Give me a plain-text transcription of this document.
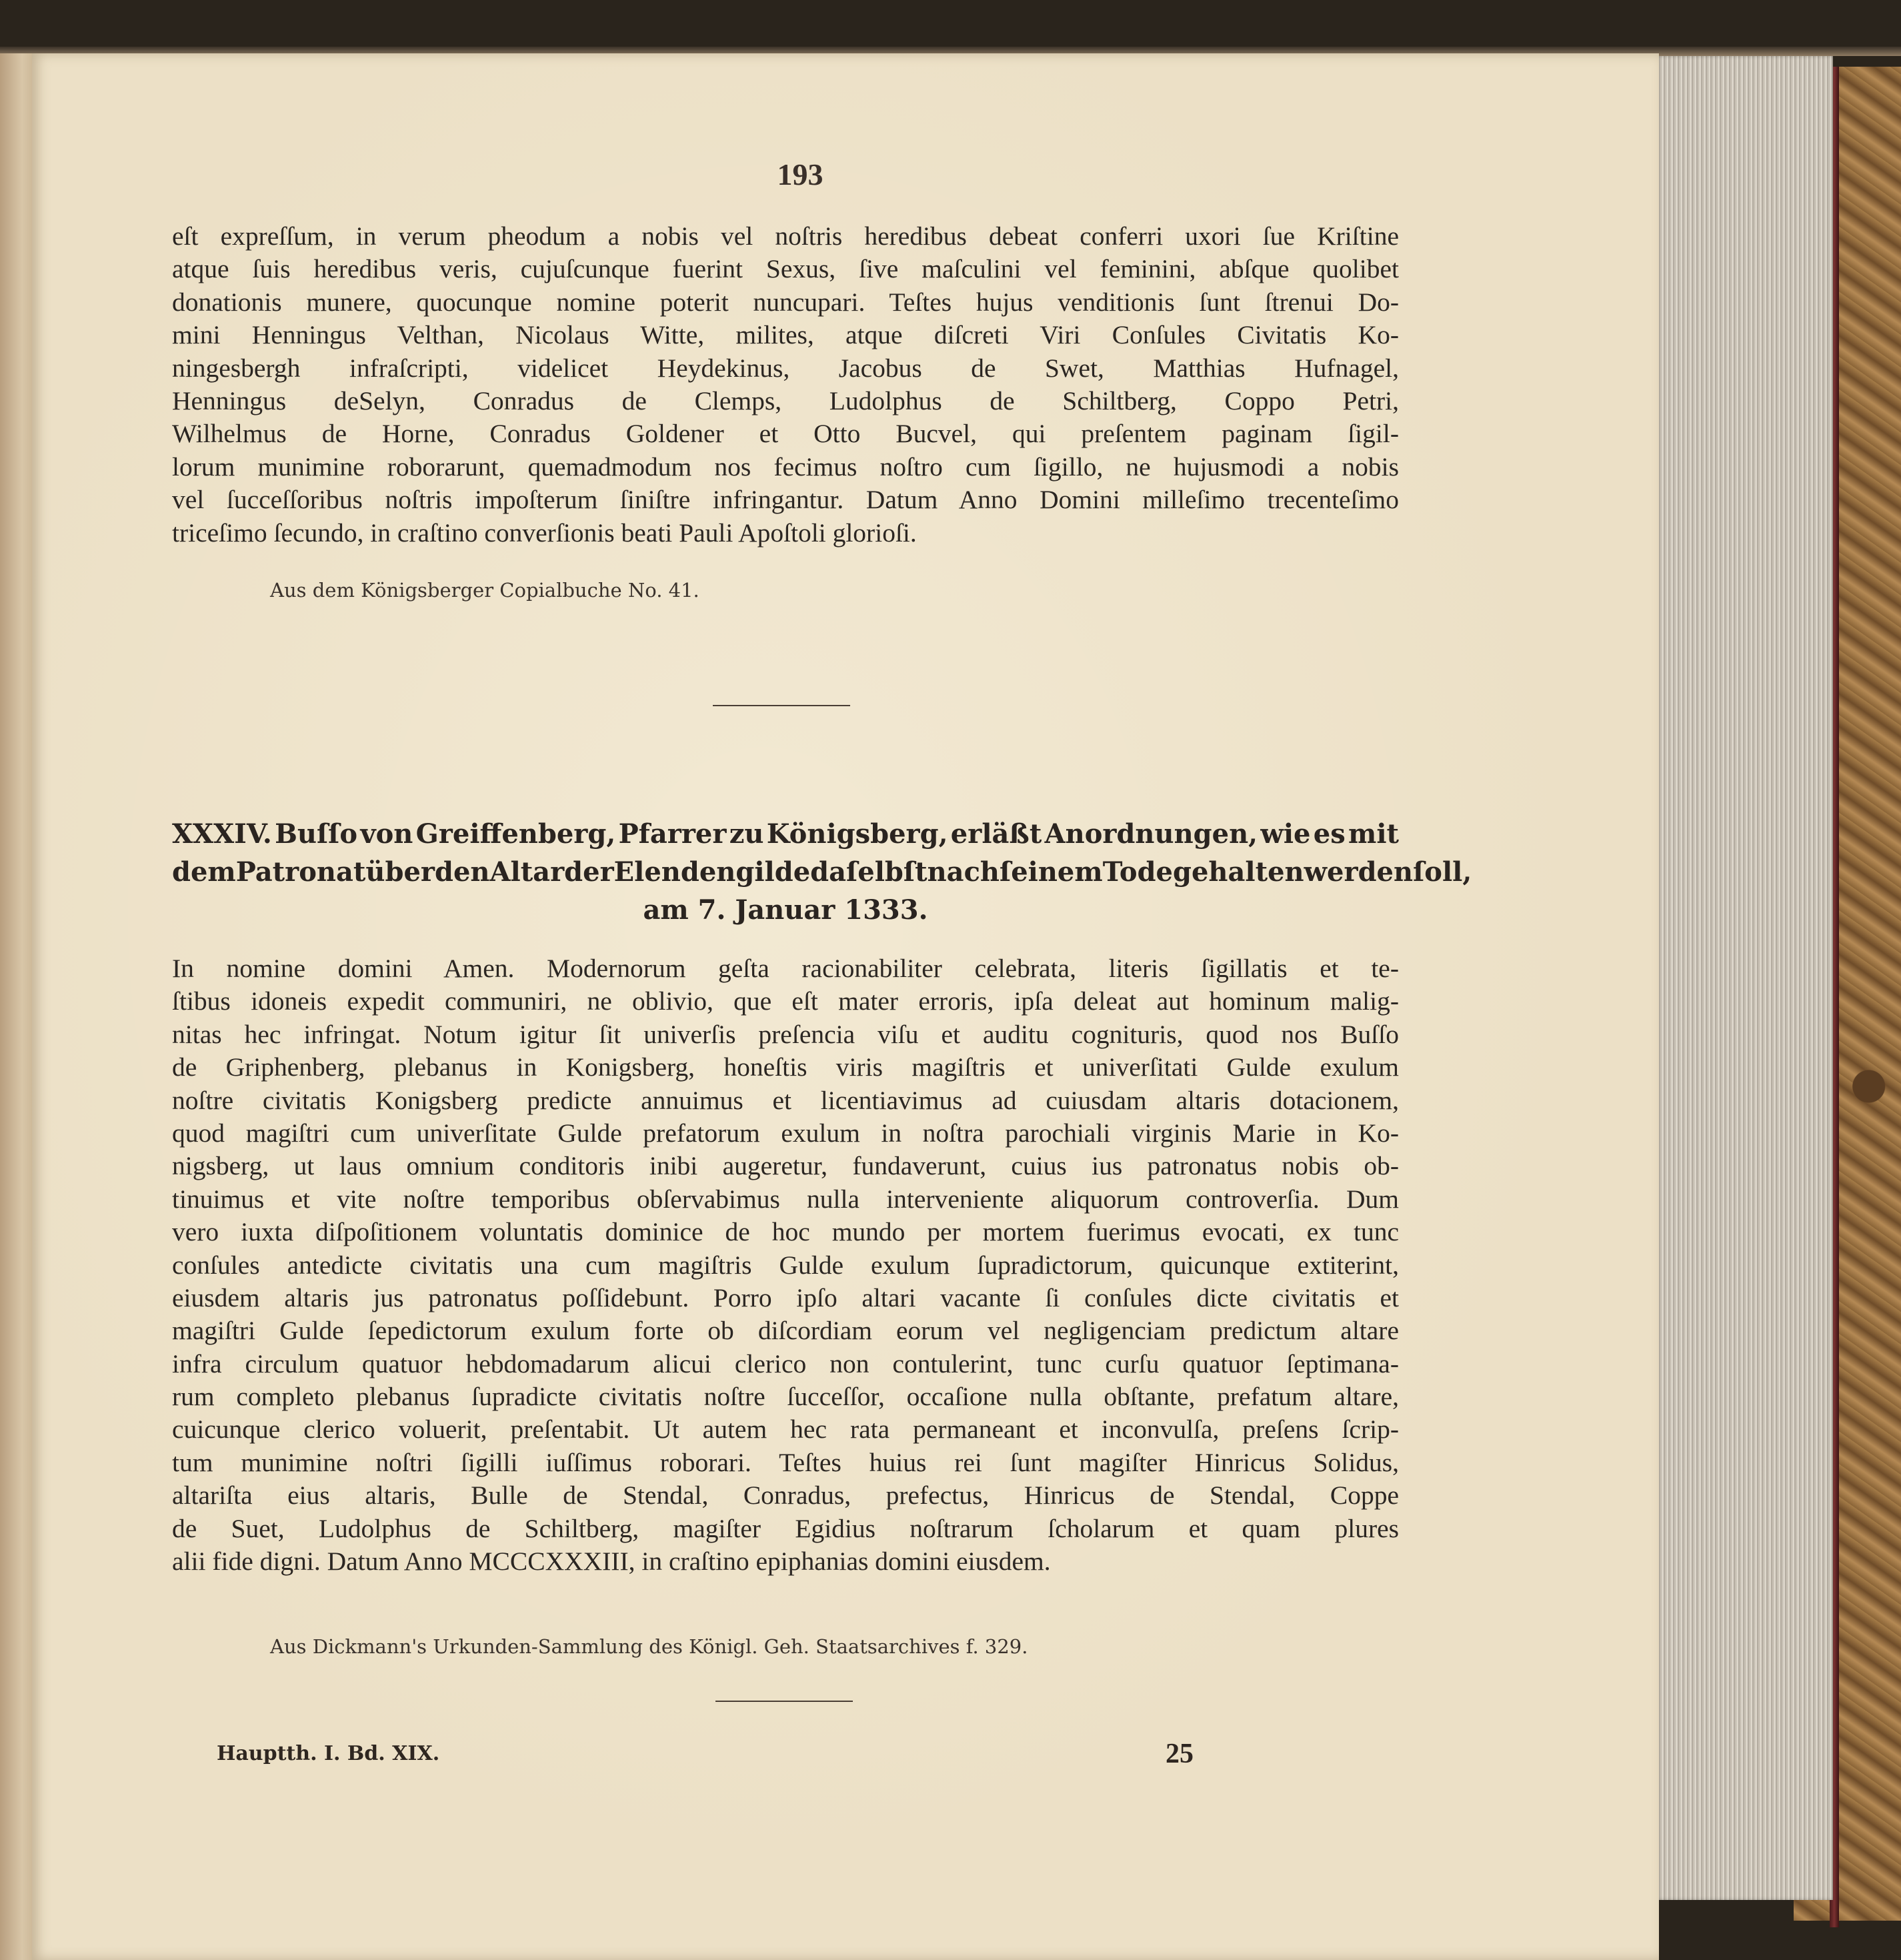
193
eſt expreſſum, in verum pheodum a nobis vel noſtris heredibus debeat conferri uxori ſue Kriſtine
atque ſuis heredibus veris, cujuſcunque fuerint Sexus, ſive maſculini vel feminini, abſque quolibet
donationis munere, quocunque nomine poterit nuncupari. Teſtes hujus venditionis ſunt ſtrenui Do-
mini Henningus Velthan, Nicolaus Witte, milites, atque diſcreti Viri Conſules Civitatis Ko-
ningesbergh infraſcripti, videlicet Heydekinus, Jacobus de Swet, Matthias Hufnagel,
Henningus deSelyn, Conradus de Clemps, Ludolphus de Schiltberg, Coppo Petri,
Wilhelmus de Horne, Conradus Goldener et Otto Bucvel, qui preſentem paginam ſigil-
lorum munimine roborarunt, quemadmodum nos fecimus noſtro cum ſigillo, ne hujusmodi a nobis
vel ſucceſſoribus noſtris impoſterum ſiniſtre infringantur. Datum Anno Domini milleſimo trecenteſimo
triceſimo ſecundo, in craſtino converſionis beati Pauli Apoſtoli glorioſi.
Aus dem Königsberger Copialbuche No. 41.
XXXIV. Buſſo von Greiffenberg, Pfarrer zu Königsberg, erläßt Anordnungen, wie es mit
dem Patronat über den Altar der Elendengilde daſelbſt nach ſeinem Tode gehalten werden ſoll,
am 7. Januar 1333.
In nomine domini Amen. Modernorum geſta racionabiliter celebrata, literis ſigillatis et te-
ſtibus idoneis expedit communiri, ne oblivio, que eſt mater erroris, ipſa deleat aut hominum malig-
nitas hec infringat. Notum igitur ſit univerſis preſencia viſu et auditu cognituris, quod nos Buſſo
de Griphenberg, plebanus in Konigsberg, honeſtis viris magiſtris et univerſitati Gulde exulum
noſtre civitatis Konigsberg predicte annuimus et licentiavimus ad cuiusdam altaris dotacionem,
quod magiſtri cum univerſitate Gulde prefatorum exulum in noſtra parochiali virginis Marie in Ko-
nigsberg, ut laus omnium conditoris inibi augeretur, fundaverunt, cuius ius patronatus nobis ob-
tinuimus et vite noſtre temporibus obſervabimus nulla interveniente aliquorum controverſia. Dum
vero iuxta diſpoſitionem voluntatis dominice de hoc mundo per mortem fuerimus evocati, ex tunc
conſules antedicte civitatis una cum magiſtris Gulde exulum ſupradictorum, quicunque extiterint,
eiusdem altaris jus patronatus poſſidebunt. Porro ipſo altari vacante ſi conſules dicte civitatis et
magiſtri Gulde ſepedictorum exulum forte ob diſcordiam eorum vel negligenciam predictum altare
infra circulum quatuor hebdomadarum alicui clerico non contulerint, tunc curſu quatuor ſeptimana-
rum completo plebanus ſupradicte civitatis noſtre ſucceſſor, occaſione nulla obſtante, prefatum altare,
cuicunque clerico voluerit, preſentabit. Ut autem hec rata permaneant et inconvulſa, preſens ſcrip-
tum munimine noſtri ſigilli iuſſimus roborari. Teſtes huius rei ſunt magiſter Hinricus Solidus,
altariſta eius altaris, Bulle de Stendal, Conradus, prefectus, Hinricus de Stendal, Coppe
de Suet, Ludolphus de Schiltberg, magiſter Egidius noſtrarum ſcholarum et quam plures
alii fide digni. Datum Anno MCCCXXXIII, in craſtino epiphanias domini eiusdem.
Aus Dickmann's Urkunden-Sammlung des Königl. Geh. Staatsarchives f. 329.
Hauptth. I. Bd. XIX.	25
